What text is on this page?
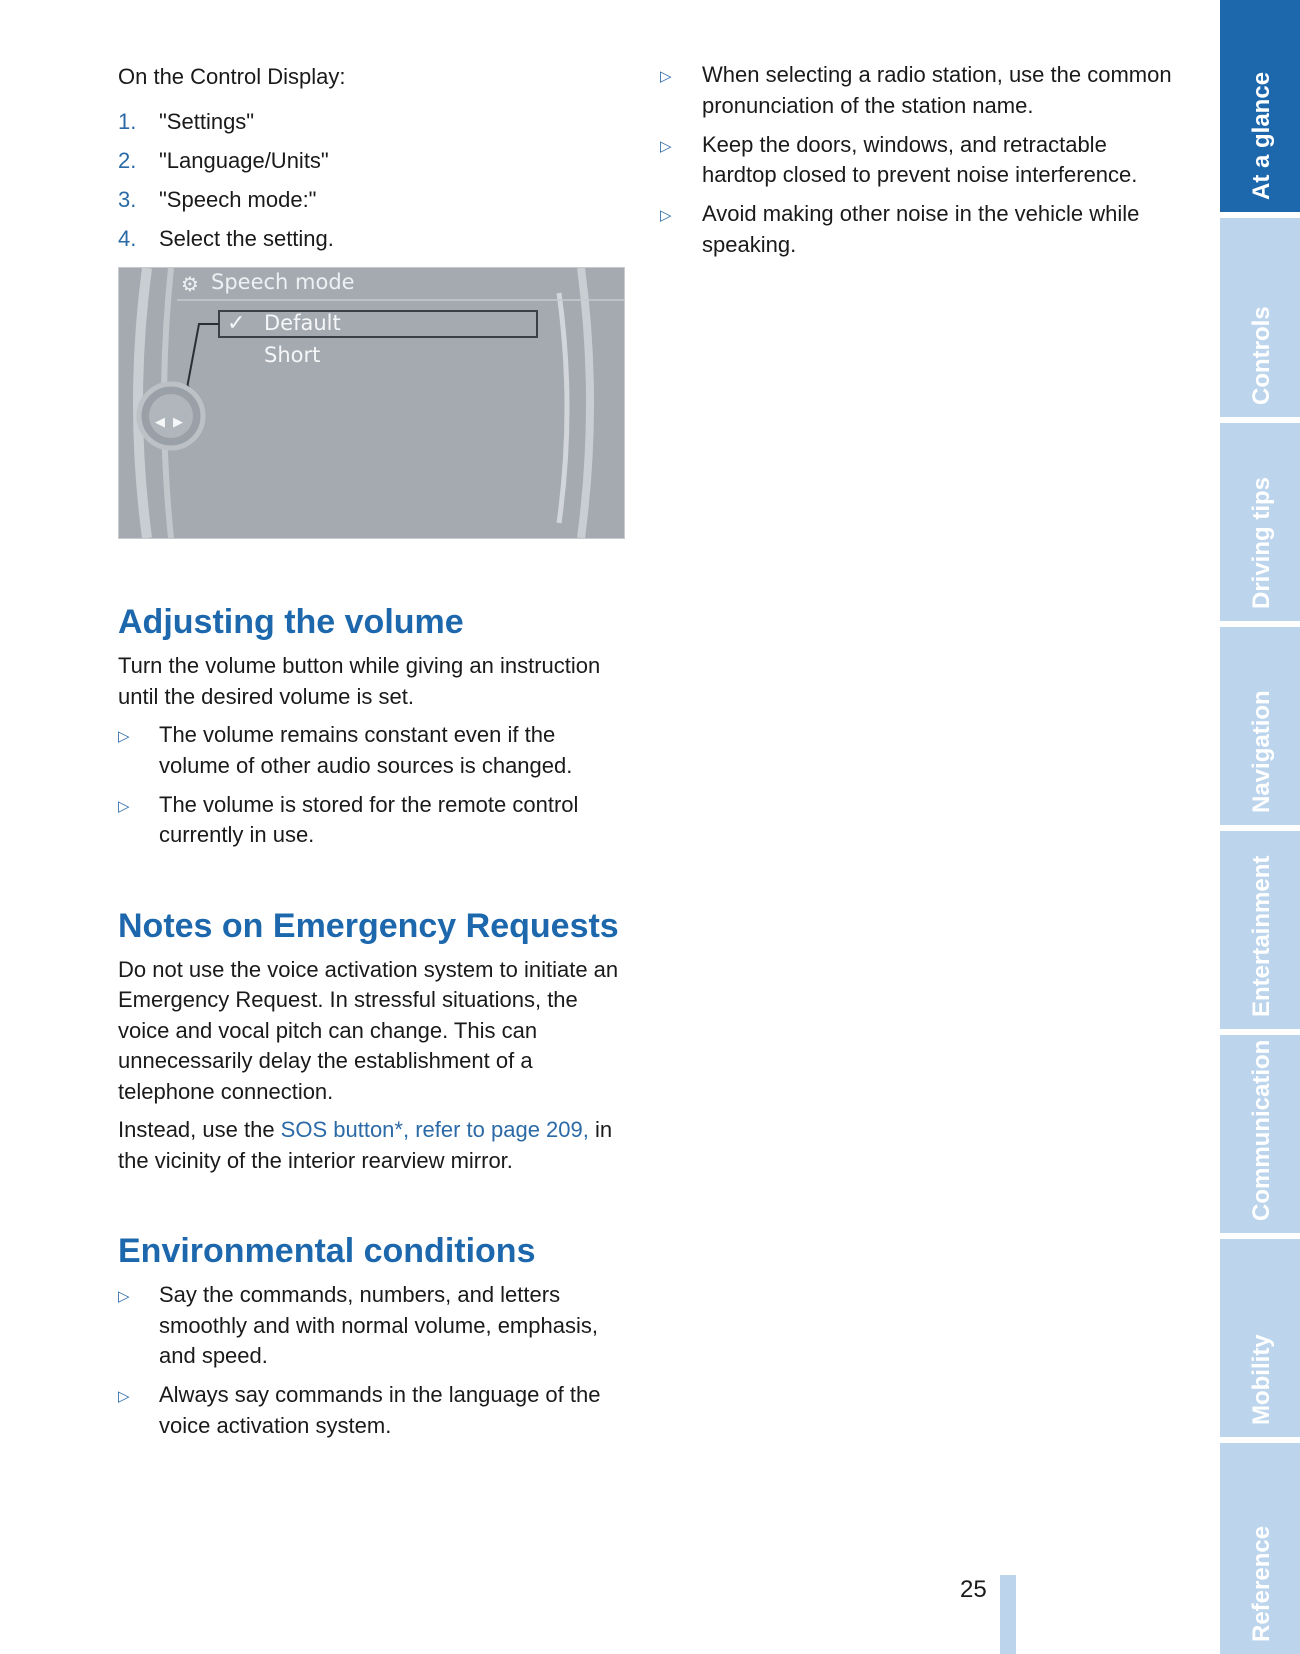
On the Control Display:

1.	"Settings"
2.	"Language/Units"
3.	"Speech mode:"
4.	Select the setting.
⚙ Speech mode
✓ Default
Short
◀▶
Adjusting the volume

Turn the volume button while giving an instruction until the desired volume is set.

▷	The volume remains constant even if the volume of other audio sources is changed.
▷	The volume is stored for the remote control currently in use.
Notes on Emergency Requests

Do not use the voice activation system to initiate an Emergency Request. In stressful situations, the voice and vocal pitch can change. This can unnecessarily delay the establishment of a telephone connection.

Instead, use the SOS button*, refer to page 209, in the vicinity of the interior rearview mirror.

Environmental conditions
▷	Say the commands, numbers, and letters smoothly and with normal volume, emphasis, and speed.
▷	Always say commands in the language of the voice activation system.
▷	When selecting a radio station, use the common pronunciation of the station name.
▷	Keep the doors, windows, and retractable hardtop closed to prevent noise interference.
▷	Avoid making other noise in the vehicle while speaking.
25
At a glance
Controls
Driving tips
Navigation
Entertainment
Communication
Mobility
Reference
